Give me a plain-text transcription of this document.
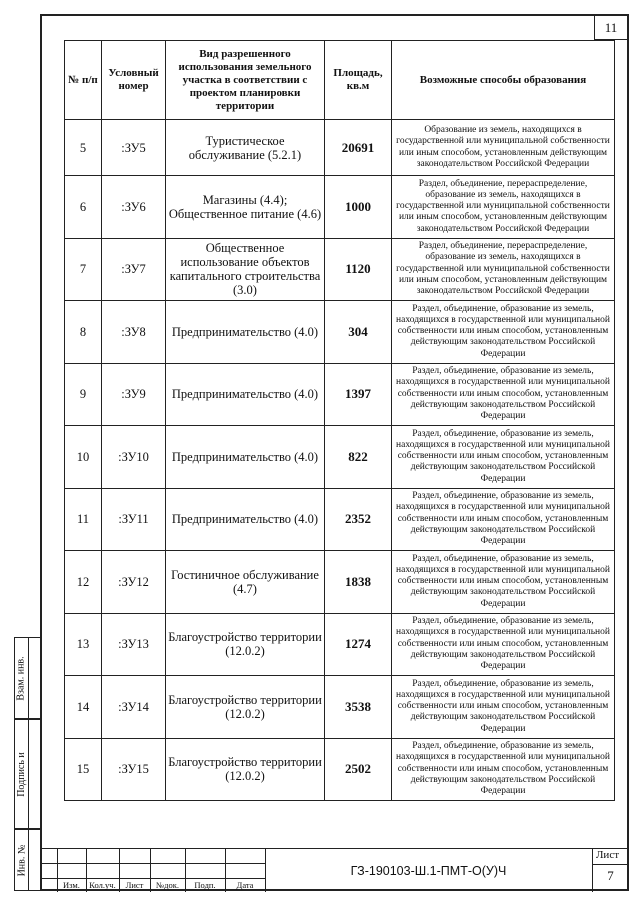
11
№ п/п	Условный номер	Вид разрешенного использования земельного участка в соответствии с проектом планировки территории	Площадь, кв.м	Возможные способы образования
5	:ЗУ5	Туристическое обслуживание (5.2.1)	20691	Образование из земель, находящихся в государственной или муниципальной собственности или иным способом, установленным действующим законодательством Российской Федерации
6	:ЗУ6	Магазины (4.4); Общественное питание (4.6)	1000	Раздел, объединение, перераспределение, образование из земель, находящихся в государственной или муниципальной собственности или иным способом, установленным действующим законодательством Российской Федерации
7	:ЗУ7	Общественное использование объектов капитального строительства (3.0)	1120	Раздел, объединение, перераспределение, образование из земель, находящихся в государственной или муниципальной собственности или иным способом, установленным действующим законодательством Российской Федерации
8	:ЗУ8	Предпринимательство (4.0)	304	Раздел, объединение, образование из земель, находящихся в государственной или муниципальной собственности или иным способом, установленным действующим законодательством Российской Федерации
9	:ЗУ9	Предпринимательство (4.0)	1397	Раздел, объединение, образование из земель, находящихся в государственной или муниципальной собственности или иным способом, установленным действующим законодательством Российской Федерации
10	:ЗУ10	Предпринимательство (4.0)	822	Раздел, объединение, образование из земель, находящихся в государственной или муниципальной собственности или иным способом, установленным действующим законодательством Российской Федерации
11	:ЗУ11	Предпринимательство (4.0)	2352	Раздел, объединение, образование из земель, находящихся в государственной или муниципальной собственности или иным способом, установленным действующим законодательством Российской Федерации
12	:ЗУ12	Гостиничное обслуживание (4.7)	1838	Раздел, объединение, образование из земель, находящихся в государственной или муниципальной собственности или иным способом, установленным действующим законодательством Российской Федерации
13	:ЗУ13	Благоустройство территории (12.0.2)	1274	Раздел, объединение, образование из земель, находящихся в государственной или муниципальной собственности или иным способом, установленным действующим законодательством Российской Федерации
14	:ЗУ14	Благоустройство территории (12.0.2)	3538	Раздел, объединение, образование из земель, находящихся в государственной или муниципальной собственности или иным способом, установленным действующим законодательством Российской Федерации
15	:ЗУ15	Благоустройство территории (12.0.2)	2502	Раздел, объединение, образование из земель, находящихся в государственной или муниципальной собственности или иным способом, установленным действующим законодательством Российской Федерации
Взам. инв.
Подпись и
Инв. №
Изм.	Кол.уч.	Лист	№док.	Подп.	Дата
ГЗ-190103-Ш.1-ПМТ-О(У)Ч
Лист
7
